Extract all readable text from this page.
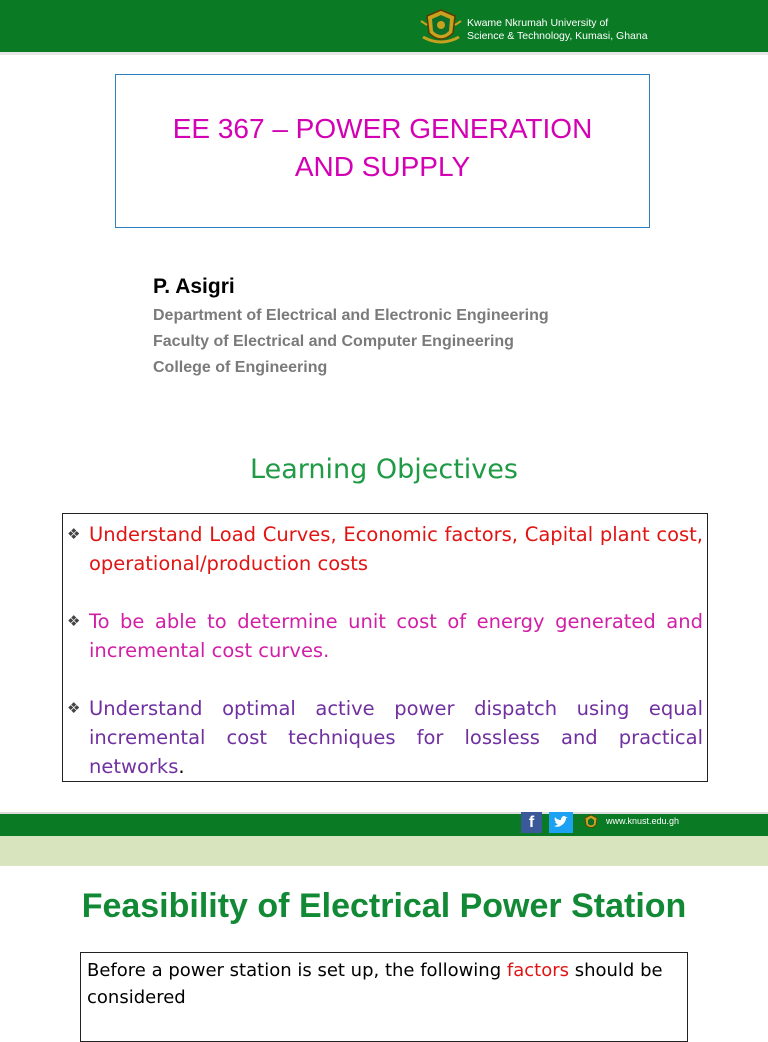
Kwame Nkrumah University of
Science & Technology, Kumasi, Ghana
EE 367 – POWER GENERATION
AND SUPPLY
P. Asigri
Department of Electrical and Electronic Engineering
Faculty of Electrical and Computer Engineering
College of Engineering
Learning Objectives
❖ Understand Load Curves, Economic factors, Capital plant cost, operational/production costs
❖ To be able to determine unit cost of energy generated and incremental cost curves.
❖ Understand optimal active power dispatch using equal incremental cost techniques for lossless and practical networks.
f	www.knust.edu.gh
Feasibility of Electrical Power Station
Before a power station is set up, the following factors should be considered
